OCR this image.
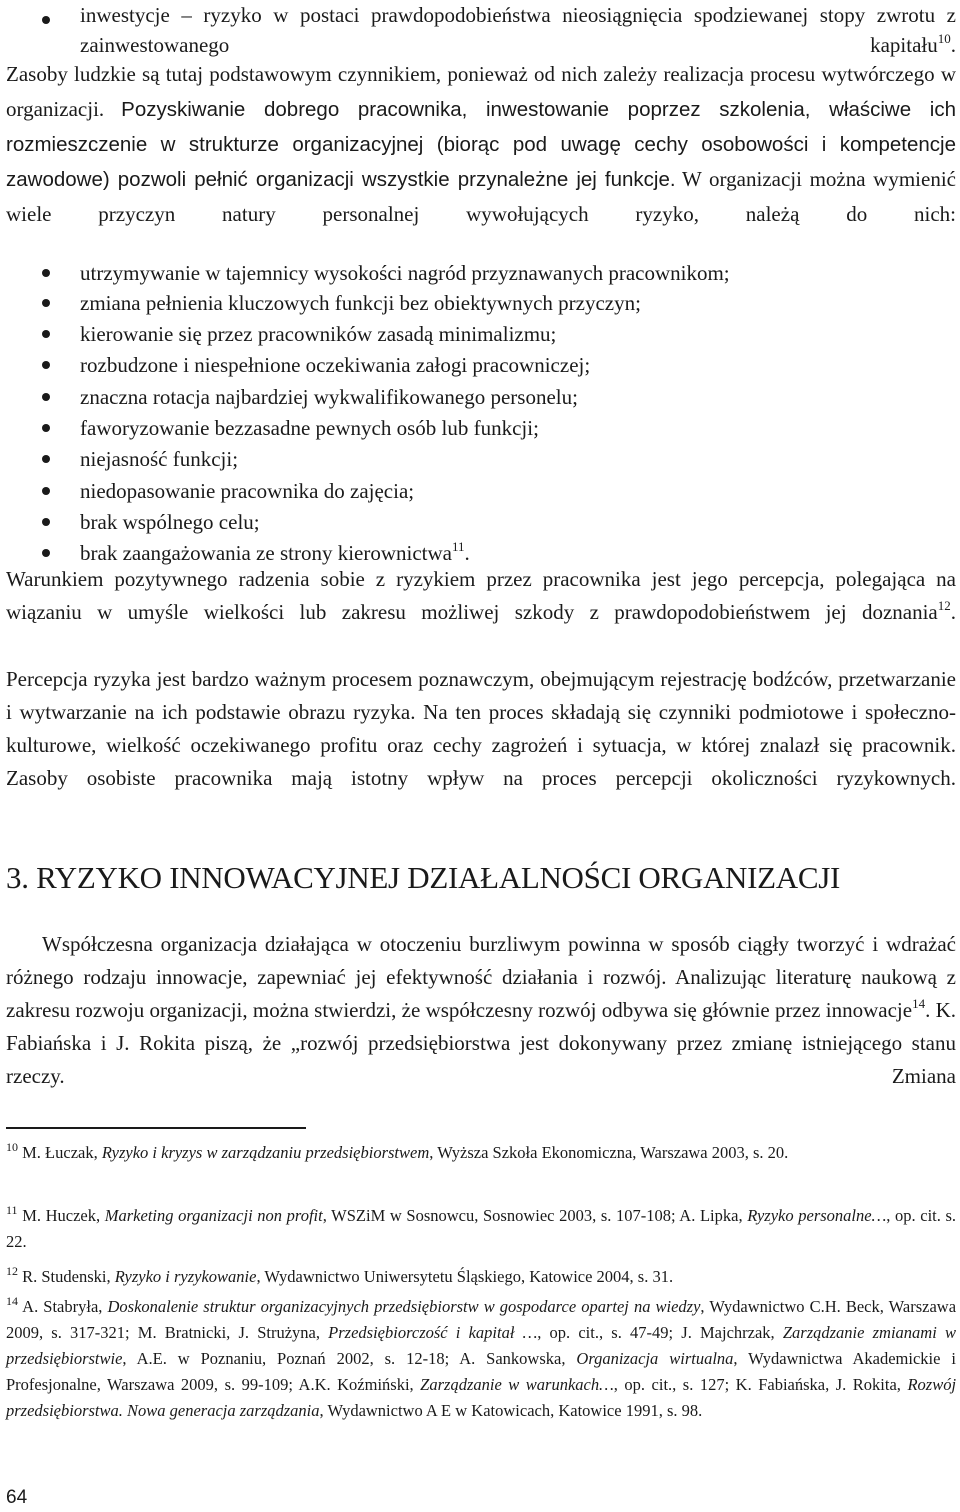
inwestycje – ryzyko w postaci prawdopodobieństwa nieosiągnięcia spodziewanej stopy zwrotu z zainwestowanego kapitału$^{10}$.
Zasoby ludzkie są tutaj podstawowym czynnikiem, ponieważ od nich zależy realizacja procesu wytwórczego w organizacji. Pozyskiwanie dobrego pracownika, inwestowanie poprzez szkolenia, właściwe ich rozmieszczenie w strukturze organizacyjnej (biorąc pod uwagę cechy osobowości i kompetencje zawodowe) pozwoli pełnić organizacji wszystkie przynależne jej funkcje. W organizacji można wymienić wiele przyczyn natury personalnej wywołujących ryzyko, należą do nich:
utrzymywanie w tajemnicy wysokości nagród przyznawanych pracownikom;
zmiana pełnienia kluczowych funkcji bez obiektywnych przyczyn;
kierowanie się przez pracowników zasadą minimalizmu;
rozbudzone i niespełnione oczekiwania załogi pracowniczej;
znaczna rotacja najbardziej wykwalifikowanego personelu;
faworyzowanie bezzasadne pewnych osób lub funkcji;
niejasność funkcji;
niedopasowanie pracownika do zajęcia;
brak wspólnego celu;
brak zaangażowania ze strony kierownictwa$^{11}$.
Warunkiem pozytywnego radzenia sobie z ryzykiem przez pracownika jest jego percepcja, polegająca na wiązaniu w umyśle wielkości lub zakresu możliwej szkody z prawdopodobieństwem jej doznania$^{12}$.
Percepcja ryzyka jest bardzo ważnym procesem poznawczym, obejmującym rejestrację bodźców, przetwarzanie i wytwarzanie na ich podstawie obrazu ryzyka. Na ten proces składają się czynniki podmiotowe i społeczno-kulturowe, wielkość oczekiwanego profitu oraz cechy zagrożeń i sytuacja, w której znalazł się pracownik. Zasoby osobiste pracownika mają istotny wpływ na proces percepcji okoliczności ryzykownych.
3. RYZYKO INNOWACYJNEJ DZIAŁALNOŚCI ORGANIZACJI
Współczesna organizacja działająca w otoczeniu burzliwym powinna w sposób ciągły tworzyć i wdrażać różnego rodzaju innowacje, zapewniać jej efektywność działania i rozwój. Analizując literaturę naukową z zakresu rozwoju organizacji, można stwierdzi, że współczesny rozwój odbywa się głównie przez innowacje$^{14}$. K. Fabiańska i J. Rokita piszą, że „rozwój przedsiębiorstwa jest dokonywany przez zmianę istniejącego stanu rzeczy. Zmiana
$^{10}$ M. Łuczak, Ryzyko i kryzys w zarządzaniu przedsiębiorstwem, Wyższa Szkoła Ekonomiczna, Warszawa 2003, s. 20.
$^{11}$ M. Huczek, Marketing organizacji non profit, WSZiM w Sosnowcu, Sosnowiec 2003, s. 107-108; A. Lipka, Ryzyko personalne…, op. cit. s. 22.
$^{12}$ R. Studenski, Ryzyko i ryzykowanie, Wydawnictwo Uniwersytetu Śląskiego, Katowice 2004, s. 31.
$^{14}$ A. Stabryła, Doskonalenie struktur organizacyjnych przedsiębiorstw w gospodarce opartej na wiedzy, Wydawnictwo C.H. Beck, Warszawa 2009, s. 317-321; M. Bratnicki, J. Strużyna, Przedsiębiorczość i kapitał …, op. cit., s. 47-49; J. Majchrzak, Zarządzanie zmianami w przedsiębiorstwie, A.E. w Poznaniu, Poznań 2002, s. 12-18; A. Sankowska, Organizacja wirtualna, Wydawnictwa Akademickie i Profesjonalne, Warszawa 2009, s. 99-109; A.K. Koźmiński, Zarządzanie w warunkach…, op. cit., s. 127; K. Fabiańska, J. Rokita, Rozwój przedsiębiorstwa. Nowa generacja zarządzania, Wydawnictwo A E w Katowicach, Katowice 1991, s. 98.
64
